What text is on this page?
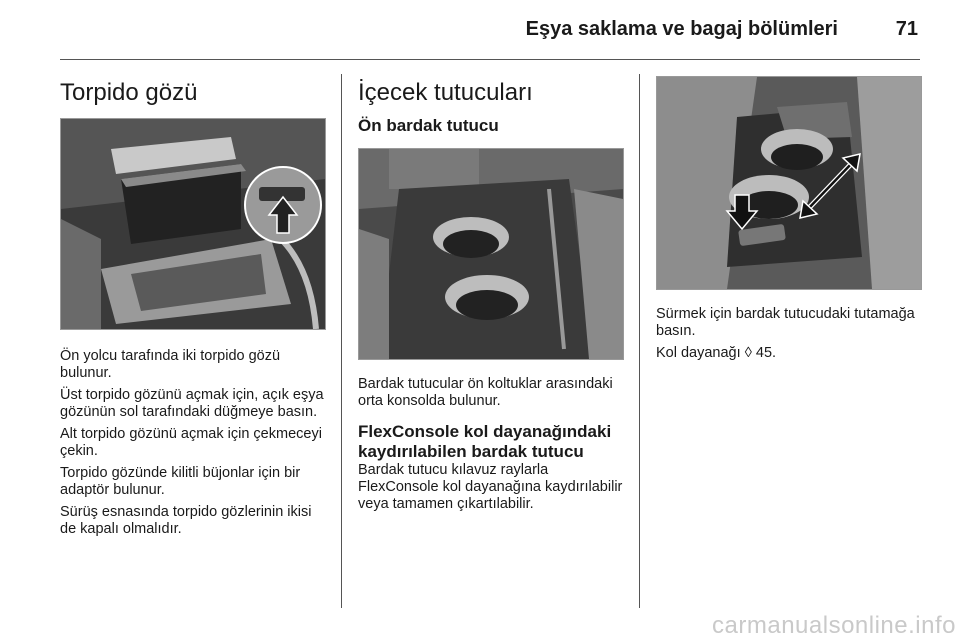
Eşya saklama ve bagaj bölümleri	71
Torpido gözü

Ön yolcu tarafında iki torpido gözü bulunur.

Üst torpido gözünü açmak için, açık eşya gözünün sol tarafındaki düğmeye basın.

Alt torpido gözünü açmak için çekmeceyi çekin.

Torpido gözünde kilitli büjonlar için bir adaptör bulunur.

Sürüş esnasında torpido gözlerinin ikisi de kapalı olmalıdır.

İçecek tutucuları
Ön bardak tutucu

Bardak tutucular ön koltuklar arasındaki orta konsolda bulunur.

FlexConsole kol dayanağındaki kaydırılabilen bardak tutucu

Bardak tutucu kılavuz raylarla FlexConsole kol dayanağına kaydırılabilir veya tamamen çıkartılabilir.

Sürmek için bardak tutucudaki tutamağa basın.

Kol dayanağı ◊ 45.

carmanualsonline.info
